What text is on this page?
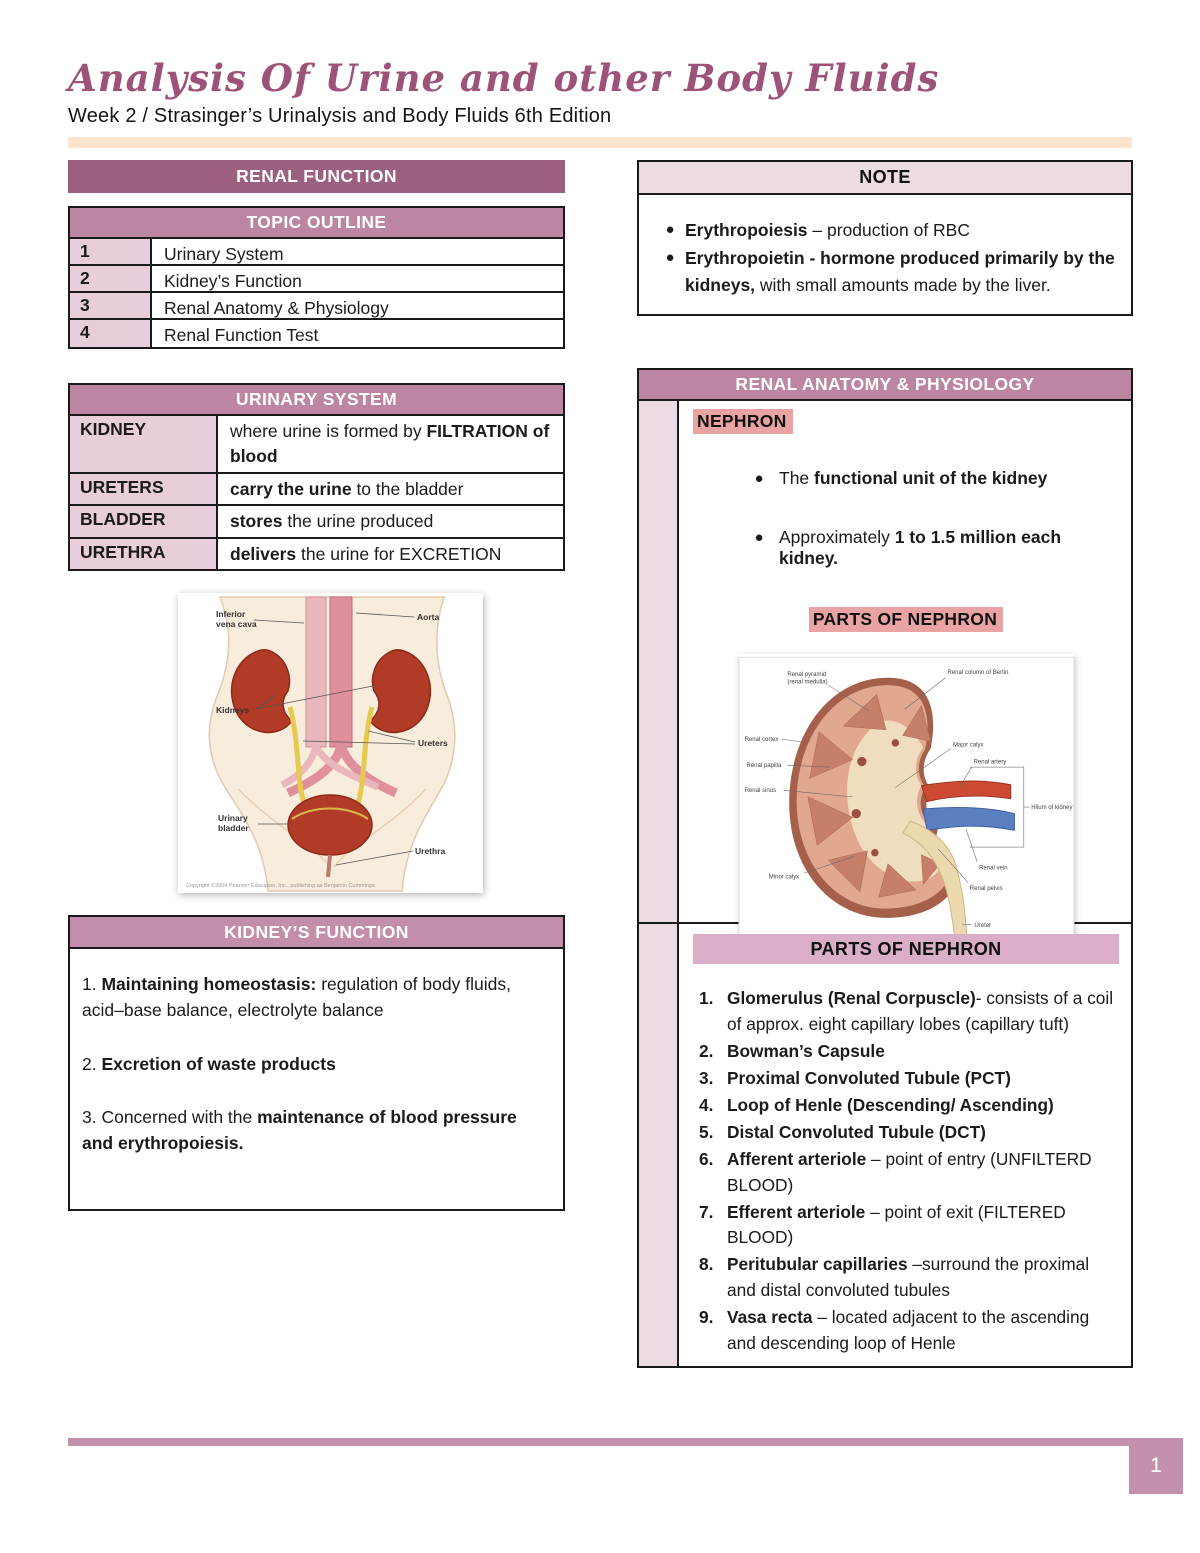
Analysis Of Urine and other Body Fluids
Week 2 / Strasinger’s Urinalysis and Body Fluids 6th Edition
RENAL FUNCTION
TOPIC OUTLINE
1	Urinary System
2	Kidney’s Function
3	Renal Anatomy & Physiology
4	Renal Function Test
URINARY SYSTEM
KIDNEY	where urine is formed by FILTRATION of blood
URETERS	carry the urine to the bladder
BLADDER	stores the urine produced
URETHRA	delivers the urine for EXCRETION
Inferior
vena cava
Aorta
Kidneys
Ureters
Urinary
bladder
Urethra
Copyright ©2004 Pearson Education, Inc., publishing as Benjamin Cummings
KIDNEY’S FUNCTION
1. Maintaining homeostasis: regulation of body fluids, acid–base balance, electrolyte balance
2. Excretion of waste products
3. Concerned with the maintenance of blood pressure and erythropoiesis.
NOTE
● Erythropoiesis – production of RBC
● Erythropoietin - hormone produced primarily by the kidneys, with small amounts made by the liver.
RENAL ANATOMY & PHYSIOLOGY
NEPHRON
● The functional unit of the kidney
● Approximately 1 to 1.5 million each kidney.
PARTS OF NEPHRON
Renal pyramid
(renal medulla)
Renal column of Bertin
Renal cortex
Renal papilla
Renal sinus
Major calyx
Renal artery
Hilum of kidney
Renal vein
Renal pelvis
Minor calyx
Ureter
PARTS OF NEPHRON
1. Glomerulus (Renal Corpuscle)- consists of a coil of approx. eight capillary lobes (capillary tuft)
2. Bowman’s Capsule
3. Proximal Convoluted Tubule (PCT)
4. Loop of Henle (Descending/ Ascending)
5. Distal Convoluted Tubule (DCT)
6. Afferent arteriole – point of entry (UNFILTERD BLOOD)
7. Efferent arteriole – point of exit (FILTERED BLOOD)
8. Peritubular capillaries –surround the proximal and distal convoluted tubules
9. Vasa recta – located adjacent to the ascending and descending loop of Henle
1
